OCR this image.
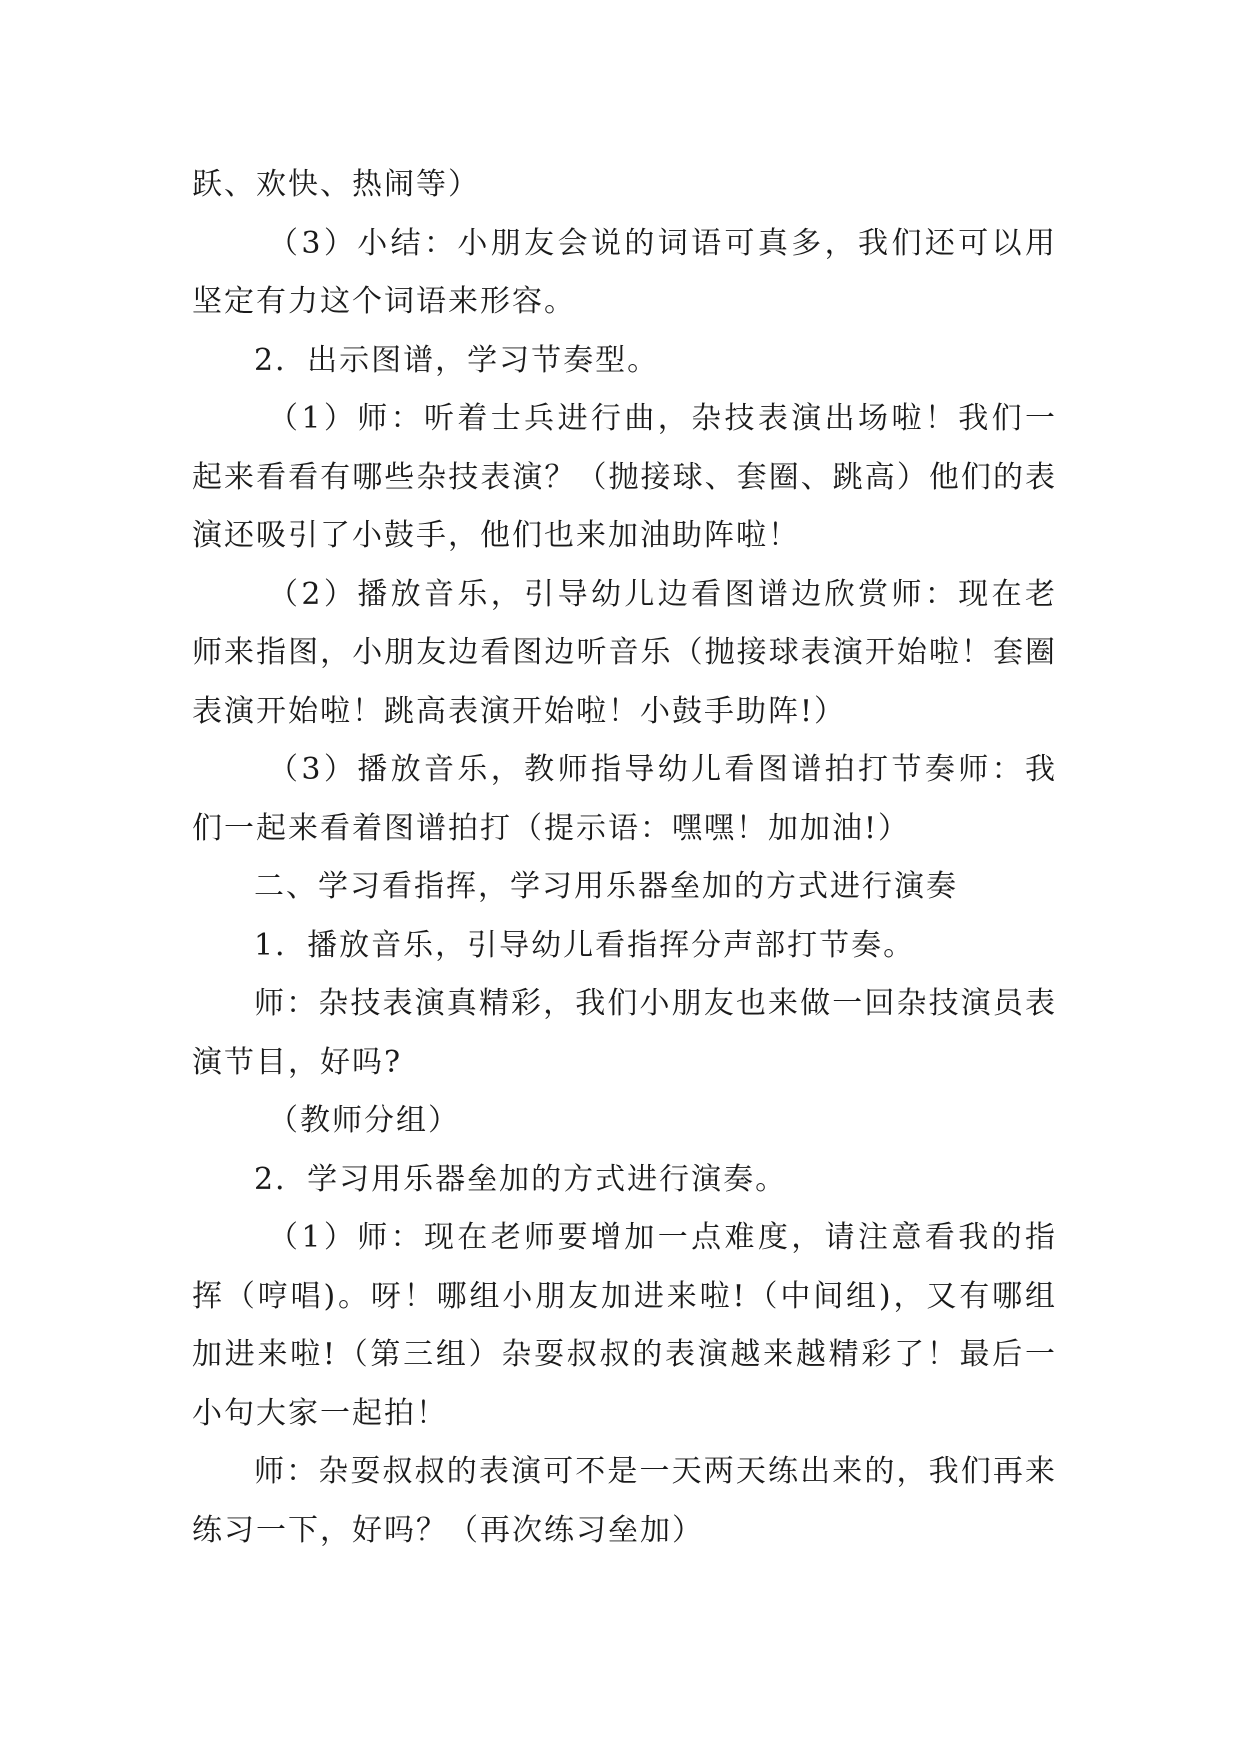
跃、欢快、热闹等）

（3）小结：小朋友会说的词语可真多，我们还可以用坚定有力这个词语来形容。

2．出示图谱，学习节奏型。

（1）师：听着士兵进行曲，杂技表演出场啦！我们一起来看看有哪些杂技表演？（抛接球、套圈、跳高）他们的表演还吸引了小鼓手，他们也来加油助阵啦！

（2）播放音乐，引导幼儿边看图谱边欣赏师：现在老师来指图，小朋友边看图边听音乐（抛接球表演开始啦！套圈表演开始啦！跳高表演开始啦！小鼓手助阵!）

（3）播放音乐，教师指导幼儿看图谱拍打节奏师：我们一起来看着图谱拍打（提示语：嘿嘿！加加油!）

二、学习看指挥，学习用乐器垒加的方式进行演奏

1．播放音乐，引导幼儿看指挥分声部打节奏。

师：杂技表演真精彩，我们小朋友也来做一回杂技演员表演节目，好吗?

（教师分组）

2．学习用乐器垒加的方式进行演奏。

（1）师：现在老师要增加一点难度，请注意看我的指挥（哼唱)。呀！哪组小朋友加进来啦!（中间组)，又有哪组加进来啦!（第三组）杂耍叔叔的表演越来越精彩了！最后一小句大家一起拍！

师：杂耍叔叔的表演可不是一天两天练出来的，我们再来练习一下，好吗？（再次练习垒加）
